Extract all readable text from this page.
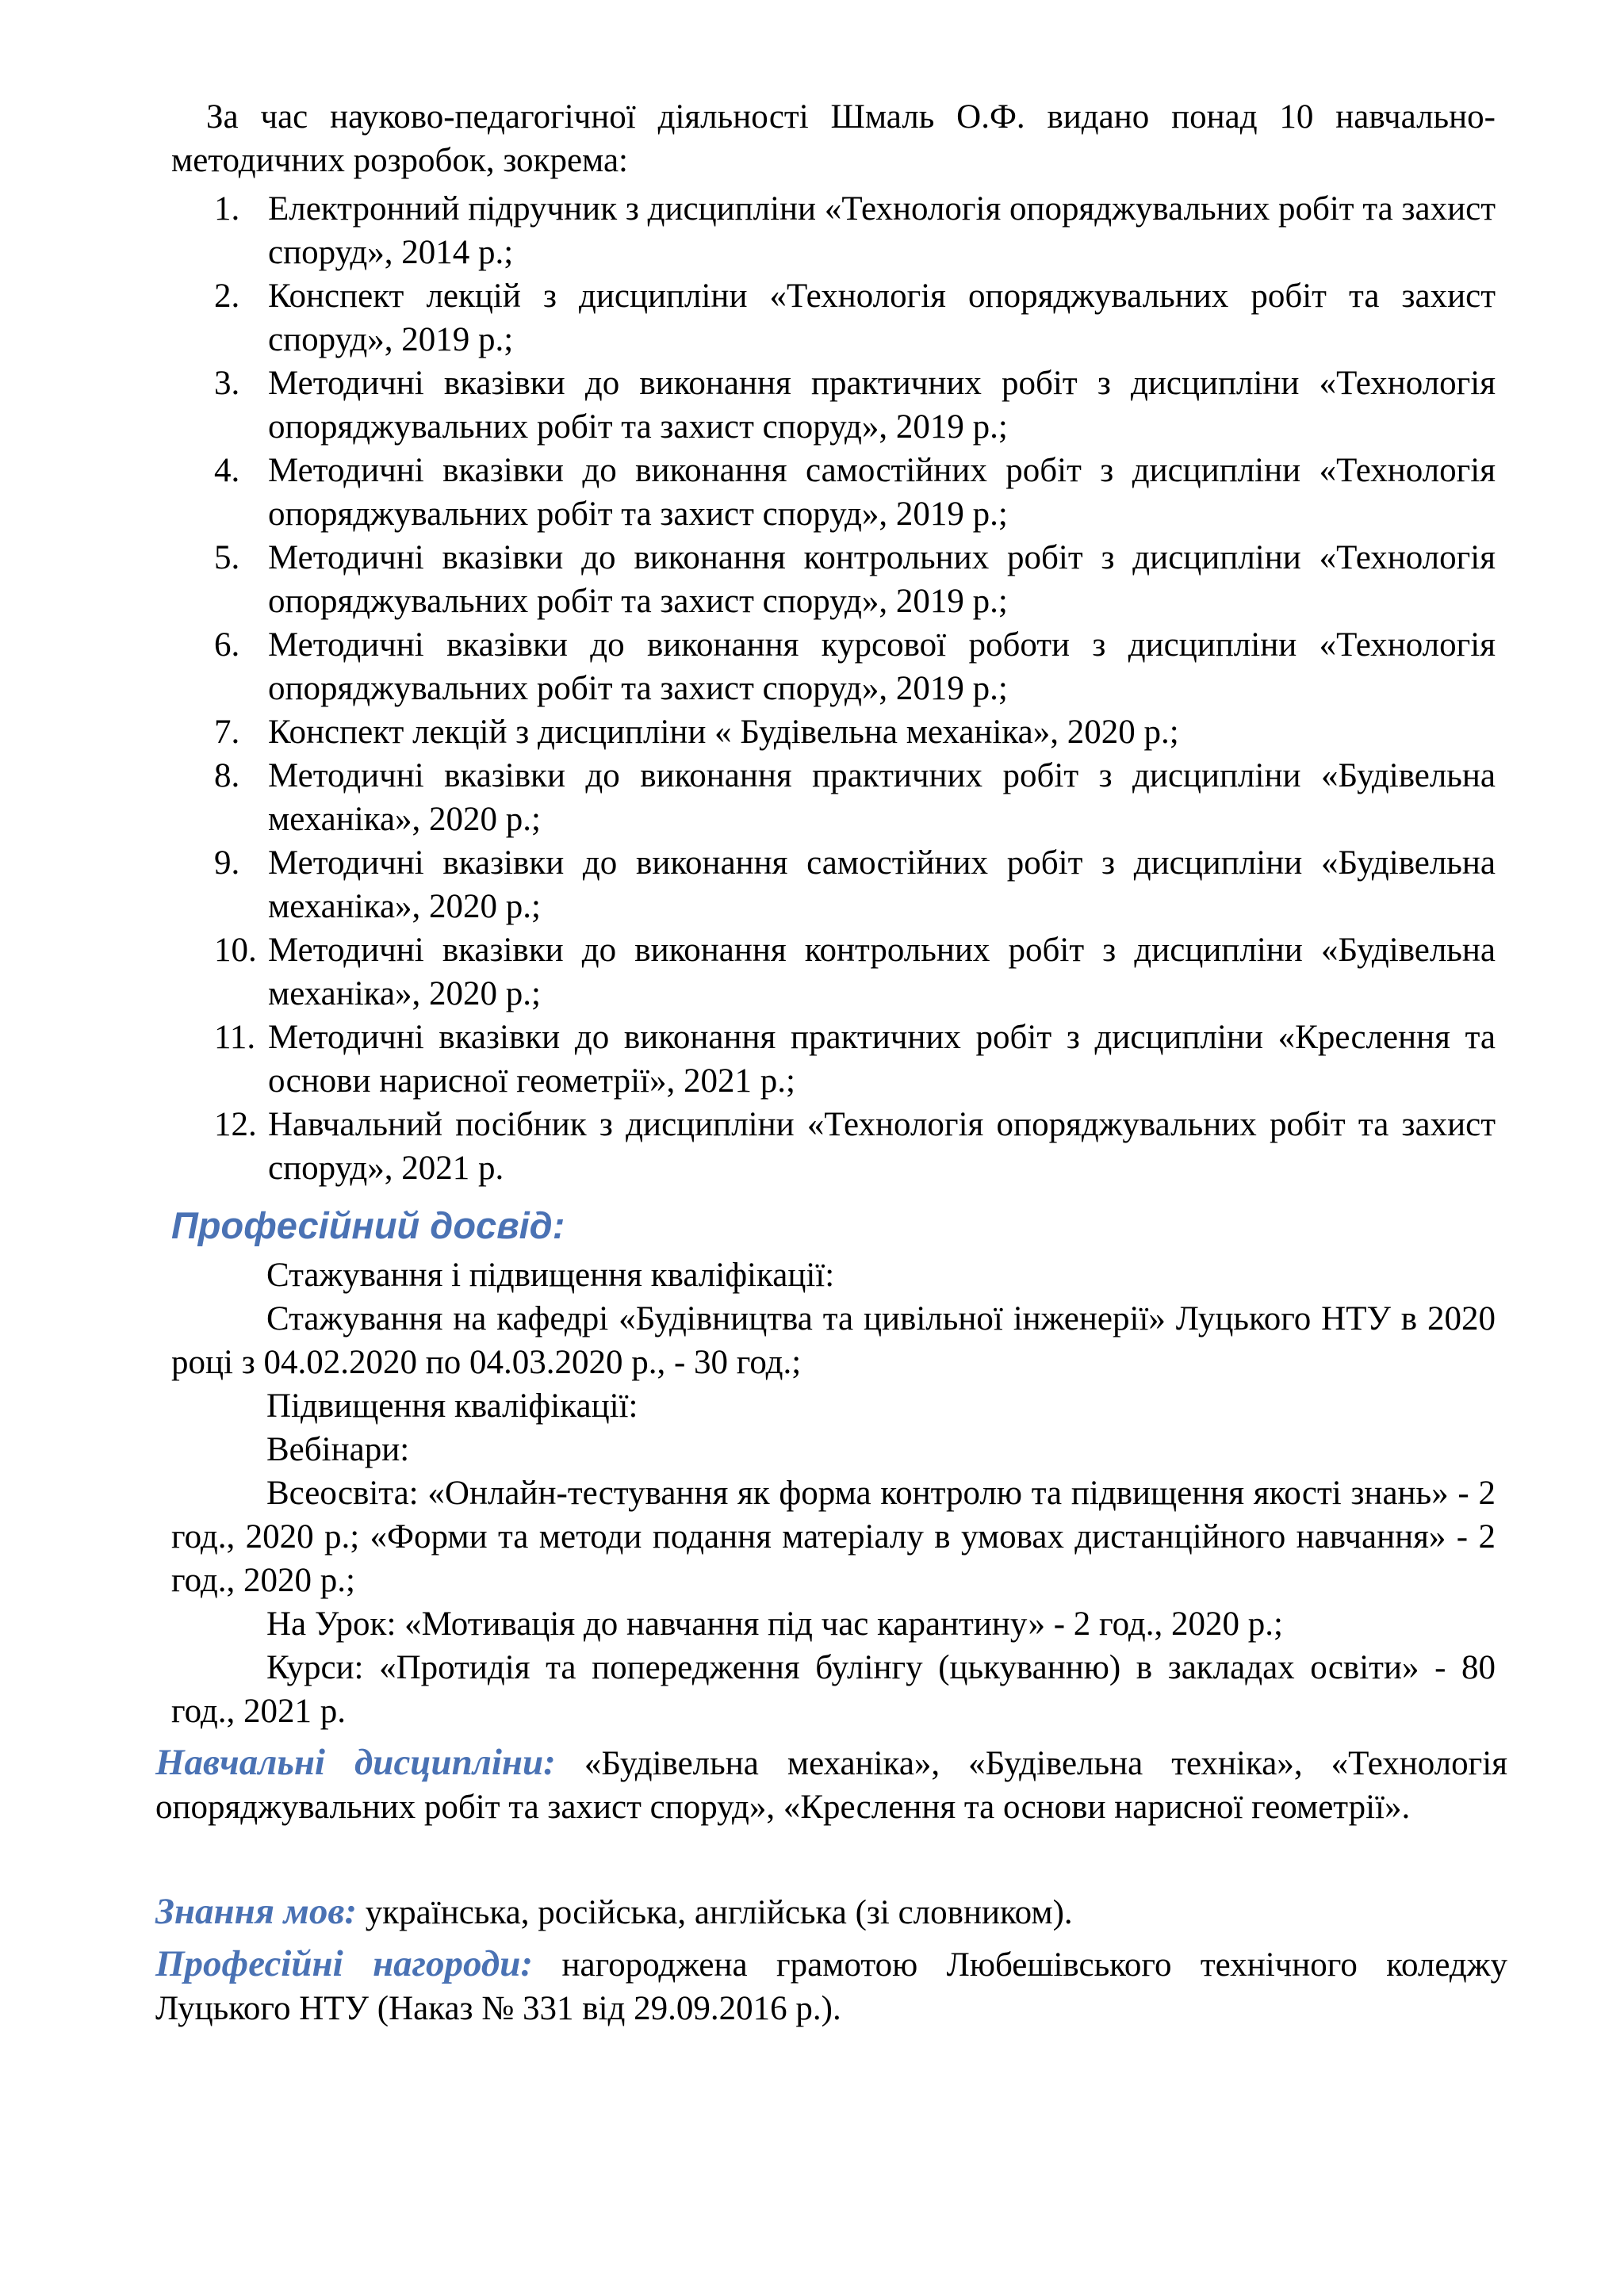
За час науково-педагогічної діяльності Шмаль О.Ф. видано понад 10 навчально-методичних розробок, зокрема:
1. Електронний підручник з дисципліни «Технологія опоряджувальних робіт та захист споруд», 2014 р.;
2. Конспект лекцій з дисципліни «Технологія опоряджувальних робіт та захист споруд», 2019 р.;
3. Методичні вказівки до виконання практичних робіт з дисципліни «Технологія опоряджувальних робіт та захист споруд», 2019 р.;
4. Методичні вказівки до виконання самостійних робіт з дисципліни «Технологія опоряджувальних робіт та захист споруд», 2019 р.;
5. Методичні вказівки до виконання контрольних робіт з дисципліни «Технологія опоряджувальних робіт та захист споруд», 2019 р.;
6. Методичні вказівки до виконання курсової роботи з дисципліни «Технологія опоряджувальних робіт та захист споруд», 2019 р.;
7. Конспект лекцій з дисципліни « Будівельна механіка», 2020 р.;
8. Методичні вказівки до виконання практичних робіт з дисципліни «Будівельна механіка», 2020 р.;
9. Методичні вказівки до виконання самостійних робіт з дисципліни «Будівельна механіка», 2020 р.;
10. Методичні вказівки до виконання контрольних робіт з дисципліни «Будівельна механіка», 2020 р.;
11. Методичні вказівки до виконання практичних робіт з дисципліни «Креслення та основи нарисної геометрії», 2021 р.;
12. Навчальний посібник з дисципліни «Технологія опоряджувальних робіт та захист споруд», 2021 р.
Професійний досвід:

Стажування і підвищення кваліфікації:

Стажування на кафедрі «Будівництва та цивільної інженерії» Луцького НТУ в 2020 році з 04.02.2020 по 04.03.2020 р., - 30 год.;

Підвищення кваліфікації:

Вебінари:

Всеосвіта: «Онлайн-тестування як форма контролю та підвищення якості знань» - 2 год., 2020 р.; «Форми та методи подання матеріалу в умовах дистанційного навчання» - 2 год., 2020 р.;

На Урок: «Мотивація до навчання під час карантину» - 2 год., 2020 р.;

Курси: «Протидія та попередження булінгу (цькуванню) в закладах освіти» - 80 год., 2021 р.

Навчальні дисципліни: «Будівельна механіка», «Будівельна техніка», «Технологія опоряджувальних робіт та захист споруд», «Креслення та основи нарисної геометрії».
Знання мов: українська, російська, англійська (зі словником).
Професійні нагороди: нагороджена грамотою Любешівського технічного коледжу Луцького НТУ (Наказ № 331 від 29.09.2016 р.).
